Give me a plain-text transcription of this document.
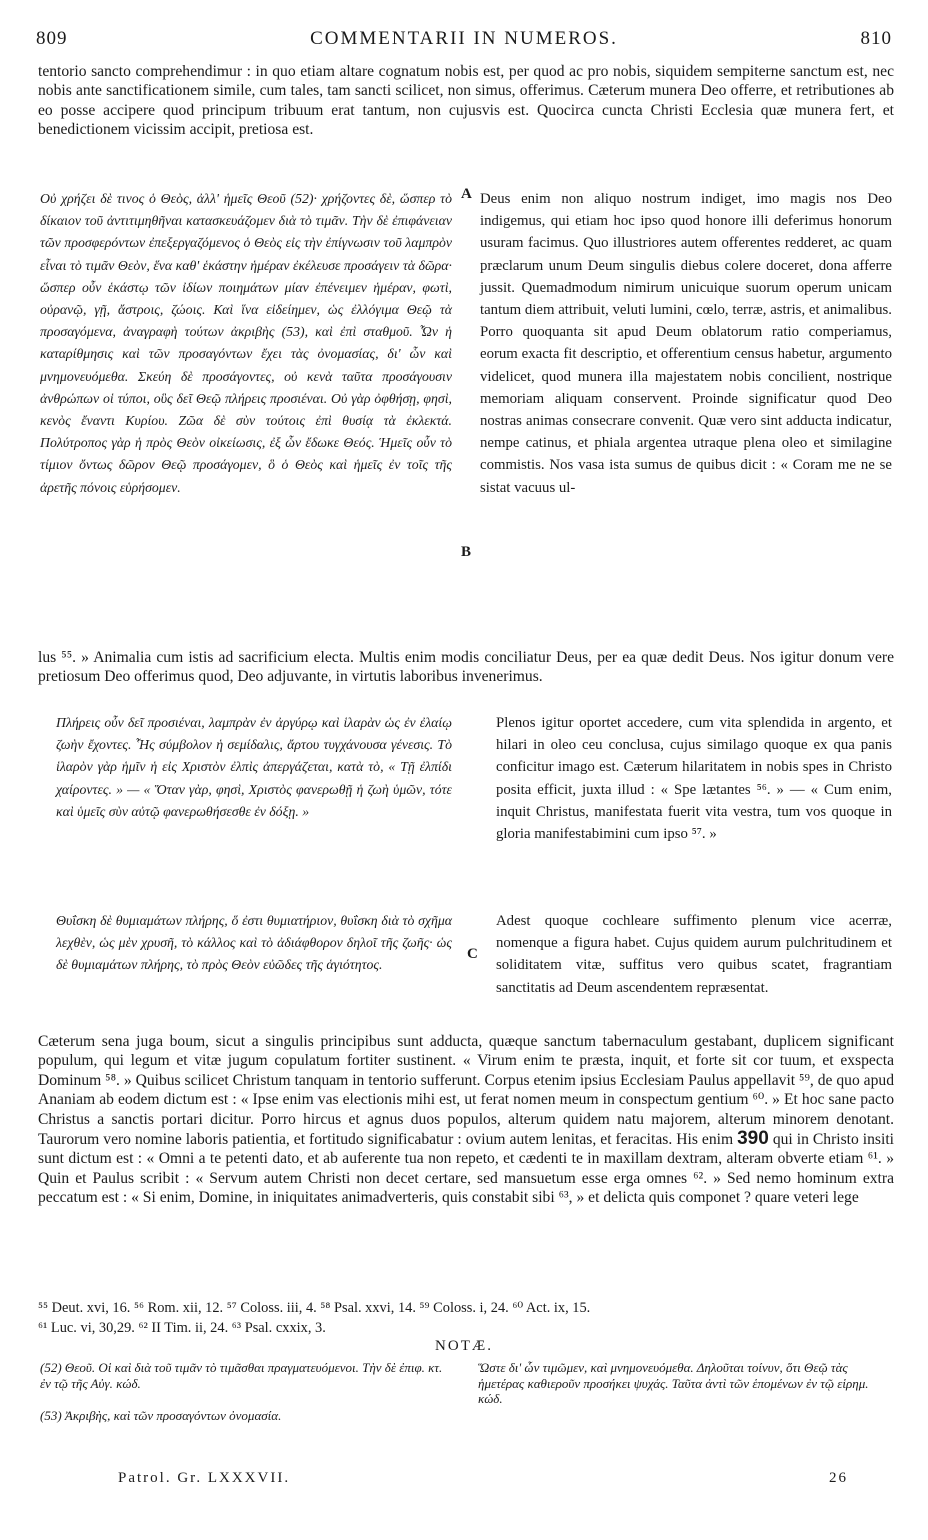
809	COMMENTARII IN NUMEROS.	810
tentorio sancto comprehendimur : in quo etiam altare cognatum nobis est, per quod ac pro nobis, siquidem sempiterne sanctum est, nec nobis ante sanctificationem simile, cum tales, tam sancti scilicet, non simus, offerimus. Cæterum munera Deo offerre, et retributiones ab eo posse accipere quod principum tribuum erat tantum, non cujusvis est. Quocirca cuncta Christi Ecclesia quæ munera fert, et benedictionem vicissim accipit, pretiosa est.
Οὐ χρήζει δὲ τινος ὁ Θεὸς, ἀλλ' ἡμεῖς Θεοῦ (52)· χρήζοντες δὲ, ὥσπερ τὸ δίκαιον τοῦ ἀντιτιμηθῆναι κατασκευάζομεν διὰ τὸ τιμᾶν. Τὴν δὲ ἐπιφάνειαν τῶν προσφερόντων ἐπεξεργαζόμενος ὁ Θεὸς εἰς τὴν ἐπίγνωσιν τοῦ λαμπρὸν εἶναι τὸ τιμᾶν Θεὸν, ἕνα καθ' ἑκάστην ἡμέραν ἐκέλευσε προσάγειν τὰ δῶρα· ὥσπερ οὖν ἑκάστῳ τῶν ἰδίων ποιημάτων μίαν ἐπένειμεν ἡμέραν, φωτὶ, οὐρανῷ, γῇ, ἄστροις, ζώοις. Καὶ ἵνα εἰδείημεν, ὡς ἐλλόγιμα Θεῷ τὰ προσαγόμενα, ἀναγραφὴ τούτων ἀκριβὴς (53), καὶ ἐπὶ σταθμοῦ. Ὧν ἡ καταρίθμησις καὶ τῶν προσαγόντων ἔχει τὰς ὀνομασίας, δι' ὧν καὶ μνημονευόμεθα. Σκεύη δὲ προσάγοντες, οὐ κενὰ ταῦτα προσάγουσιν ἀνθρώπων οἱ τύποι, οὓς δεῖ Θεῷ πλήρεις προσιέναι. Οὐ γὰρ ὀφθήσῃ, φησὶ, κενὸς ἔναντι Κυρίου. Ζῶα δὲ σὺν τούτοις ἐπὶ θυσίᾳ τὰ ἐκλεκτά. Πολύτροπος γὰρ ἡ πρὸς Θεὸν οἰκείωσις, ἐξ ὧν ἔδωκε Θεός. Ἡμεῖς οὖν τὸ τίμιον ὄντως δῶρον Θεῷ προσάγομεν, ὃ ὁ Θεὸς καὶ ἡμεῖς ἐν τοῖς τῆς ἀρετῆς πόνοις εὑρήσομεν.
A
B
Deus enim non aliquo nostrum indiget, imo magis nos Deo indigemus, qui etiam hoc ipso quod honore illi deferimus honorum usuram facimus. Quo illustriores autem offerentes redderet, ac quam præclarum unum Deum singulis diebus colere doceret, dona afferre jussit. Quemadmodum nimirum unicuique suorum operum unicam tantum diem attribuit, veluti lumini, cœlo, terræ, astris, et animalibus. Porro quoquanta sit apud Deum oblatorum ratio comperiamus, eorum exacta fit descriptio, et offerentium census habetur, argumento videlicet, quod munera illa majestatem nobis concilient, nostrique memoriam aliquam conservent. Proinde significatur quod Deo nostras animas consecrare convenit. Quæ vero sint adducta indicatur, nempe catinus, et phiala argentea utraque plena oleo et similagine commistis. Nos vasa ista sumus de quibus dicit : « Coram me ne se sistat vacuus ul-
lus ⁵⁵. » Animalia cum istis ad sacrificium electa. Multis enim modis conciliatur Deus, per ea quæ dedit Deus. Nos igitur donum vere pretiosum Deo offerimus quod, Deo adjuvante, in virtutis laboribus invenerimus.
Πλήρεις οὖν δεῖ προσιέναι, λαμπρὰν ἐν ἀργύρῳ καὶ ἱλαρὰν ὡς ἐν ἐλαίῳ ζωὴν ἔχοντες. Ἧς σύμβολον ἡ σεμίδαλις, ἄρτου τυγχάνουσα γένεσις. Τὸ ἱλαρὸν γὰρ ἡμῖν ἡ εἰς Χριστὸν ἐλπὶς ἀπεργάζεται, κατὰ τὸ, « Τῇ ἐλπίδι χαίροντες. » — « Ὅταν γὰρ, φησὶ, Χριστὸς φανερωθῇ ἡ ζωὴ ὑμῶν, τότε καὶ ὑμεῖς σὺν αὐτῷ φανερωθήσεσθε ἐν δόξῃ. »
Plenos igitur oportet accedere, cum vita splendida in argento, et hilari in oleo ceu conclusa, cujus similago quoque ex qua panis conficitur imago est. Cæterum hilaritatem in nobis spes in Christo posita efficit, juxta illud : « Spe lætantes ⁵⁶. » — « Cum enim, inquit Christus, manifestata fuerit vita vestra, tum vos quoque in gloria manifestabimini cum ipso ⁵⁷. »
Θυΐσκη δὲ θυμιαμάτων πλήρης, ὅ ἐστι θυμιατήριον, θυΐσκη διὰ τὸ σχῆμα λεχθὲν, ὡς μὲν χρυσῆ, τὸ κάλλος καὶ τὸ ἀδιάφθορον δηλοῖ τῆς ζωῆς· ὡς δὲ θυμιαμάτων πλήρης, τὸ πρὸς Θεὸν εὐῶδες τῆς ἁγιότητος.
C
Adest quoque cochleare suffimento plenum vice acerræ, nomenque a figura habet. Cujus quidem aurum pulchritudinem et soliditatem vitæ, suffitus vero quibus scatet, fragrantiam sanctitatis ad Deum ascendentem repræsentat.
Cæterum sena juga boum, sicut a singulis principibus sunt adducta, quæque sanctum tabernaculum gestabant, duplicem significant populum, qui legum et vitæ jugum copulatum fortiter sustinent. « Virum enim te præsta, inquit, et forte sit cor tuum, et exspecta Dominum ⁵⁸. » Quibus scilicet Christum tanquam in tentorio sufferunt. Corpus etenim ipsius Ecclesiam Paulus appellavit ⁵⁹, de quo apud Ananiam ab eodem dictum est : « Ipse enim vas electionis mihi est, ut ferat nomen meum in conspectum gentium ⁶⁰. » Et hoc sane pacto Christus a sanctis portari dicitur. Porro hircus et agnus duos populos, alterum quidem natu majorem, alterum minorem denotant. Taurorum vero nomine laboris patientia, et fortitudo significabatur : ovium autem lenitas, et feracitas. His enim 390 qui in Christo insiti sunt dictum est : « Omni a te petenti dato, et ab auferente tua non repeto, et cædenti te in maxillam dextram, alteram obverte etiam ⁶¹. » Quin et Paulus scribit : « Servum autem Christi non decet certare, sed mansuetum esse erga omnes ⁶². » Sed nemo hominum extra peccatum est : « Si enim, Domine, in iniquitates animadverteris, quis constabit sibi ⁶³, » et delicta quis componet ? quare veteri lege
⁵⁵ Deut. xvi, 16. ⁵⁶ Rom. xii, 12. ⁵⁷ Coloss. iii, 4. ⁵⁸ Psal. xxvi, 14. ⁵⁹ Coloss. i, 24. ⁶⁰ Act. ix, 15.
⁶¹ Luc. vi, 30,29. ⁶² II Tim. ii, 24. ⁶³ Psal. cxxix, 3.
NOTÆ.
(52) Θεοῦ. Οἱ καὶ διὰ τοῦ τιμᾶν τὸ τιμᾶσθαι πραγματευόμενοι. Τὴν δὲ ἐπιφ. κτ. ἐν τῷ τῆς Αὐγ. κώδ.
(53) Ἀκριβὴς, καὶ τῶν προσαγόντων ὀνομασία.
Ὥστε δι' ὧν τιμῶμεν, καὶ μνημονευόμεθα. Δηλοῦται τοίνυν, ὅτι Θεῷ τὰς ἡμετέρας καθιεροῦν προσήκει ψυχάς. Ταῦτα ἀντὶ τῶν ἑπομένων ἐν τῷ εἱρημ. κώδ.
Patrol. Gr. LXXXVII.	26
